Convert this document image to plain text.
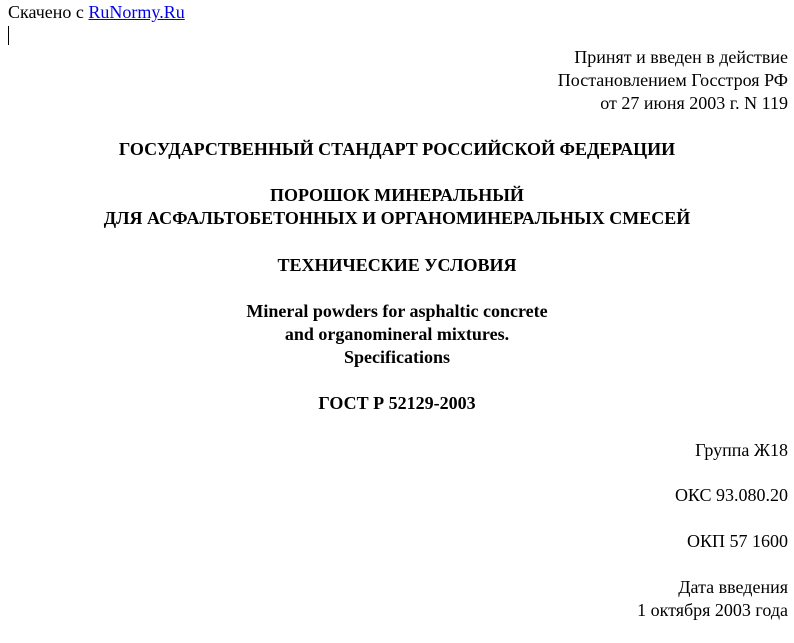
Скачено с RuNormy.Ru
Принят и введен в действие
Постановлением Госстроя РФ
от 27 июня 2003 г. N 119
ГОСУДАРСТВЕННЫЙ СТАНДАРТ РОССИЙСКОЙ ФЕДЕРАЦИИ
ПОРОШОК МИНЕРАЛЬНЫЙ
ДЛЯ АСФАЛЬТОБЕТОННЫХ И ОРГАНОМИНЕРАЛЬНЫХ СМЕСЕЙ
ТЕХНИЧЕСКИЕ УСЛОВИЯ
Mineral powders for asphaltic concrete
and organomineral mixtures.
Specifications
ГОСТ Р 52129-2003
Группа Ж18
ОКС 93.080.20
ОКП 57 1600
Дата введения
1 октября 2003 года
